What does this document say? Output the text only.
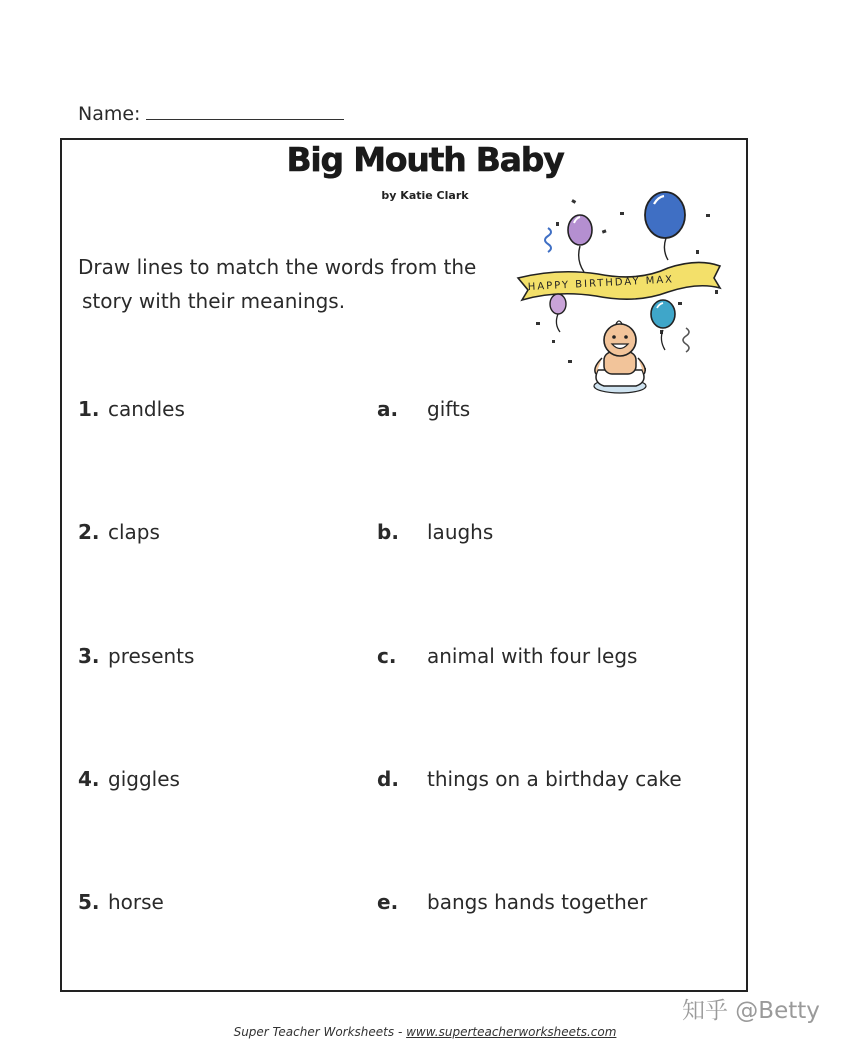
Name:
Big Mouth Baby
by Katie Clark
Draw lines to match the words from the
story with their meanings.
HAPPY BIRTHDAY MAX
1. candles	a. gifts
2. claps	b. laughs
3. presents	c. animal with four legs
4. giggles	d. things on a birthday cake
5. horse	e. bangs hands together
知乎 @Betty
Super Teacher Worksheets - www.superteacherworksheets.com
